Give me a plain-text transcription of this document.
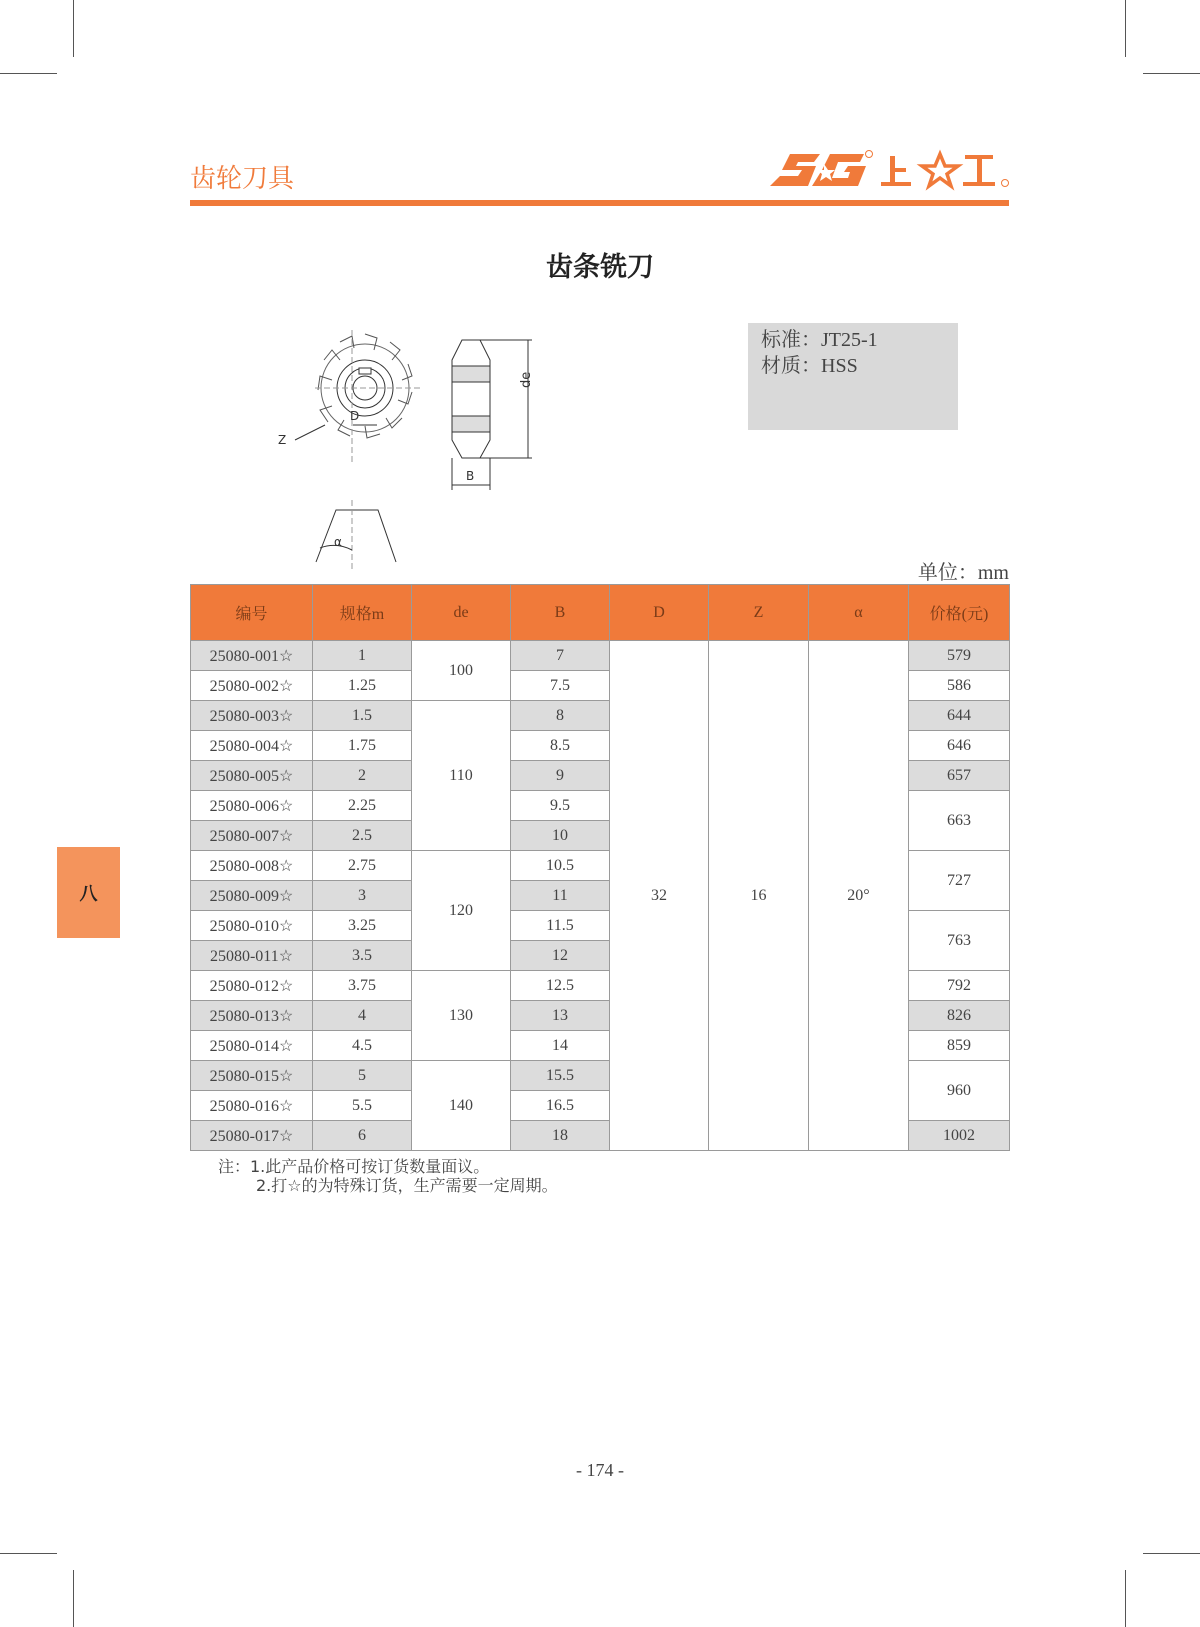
齿轮刀具
齿条铣刀
D
Z
de
B
α
标准：JT25-1
材质：HSS
单位：mm
编号	规格m	de	B	D	Z	α	价格(元)
25080-001☆	1	100	7	32	16	20°	579
25080-002☆	1.25		7.5				586
25080-003☆	1.5	110	8				644
25080-004☆	1.75		8.5				646
25080-005☆	2		9				657
25080-006☆	2.25		9.5				663
25080-007☆	2.5		10				
25080-008☆	2.75	120	10.5				727
25080-009☆	3		11				
25080-010☆	3.25		11.5				763
25080-011☆	3.5		12				
25080-012☆	3.75	130	12.5				792
25080-013☆	4		13				826
25080-014☆	4.5		14				859
25080-015☆	5	140	15.5				960
25080-016☆	5.5		16.5				
25080-017☆	6		18				1002
注：1.此产品价格可按订货数量面议。
2.打☆的为特殊订货，生产需要一定周期。
八
- 174 -
